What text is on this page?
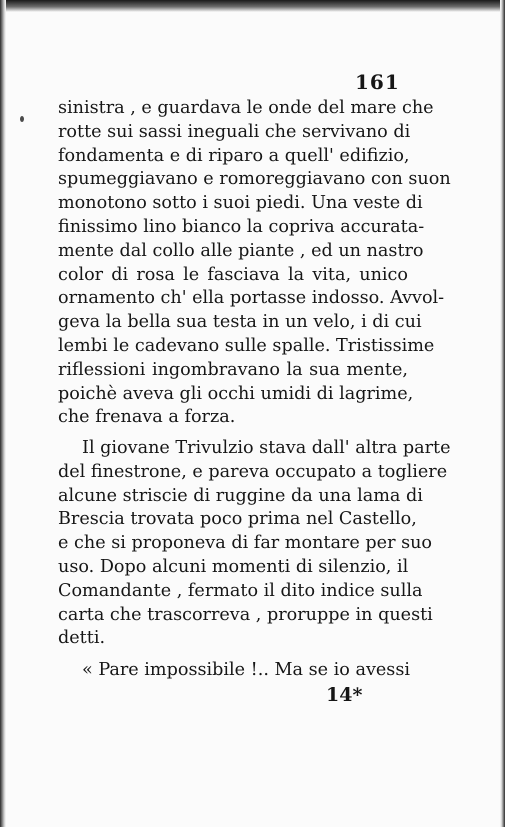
161
sinistra , e guardava le onde del mare che
rotte sui sassi ineguali che servivano di
fondamenta e di riparo a quell' edifizio,
spumeggiavano e romoreggiavano con suon
monotono sotto i suoi piedi. Una veste di
finissimo lino bianco la copriva accurata-
mente dal collo alle piante , ed un nastro
color di rosa le fasciava la vita, unico
ornamento ch' ella portasse indosso. Avvol-
geva la bella sua testa in un velo, i di cui
lembi le cadevano sulle spalle. Tristissime
riflessioni ingombravano la sua mente,
poichè aveva gli occhi umidi di lagrime,
che frenava a forza.
Il giovane Trivulzio stava dall' altra parte
del finestrone, e pareva occupato a togliere
alcune striscie di ruggine da una lama di
Brescia trovata poco prima nel Castello,
e che si proponeva di far montare per suo
uso. Dopo alcuni momenti di silenzio, il
Comandante , fermato il dito indice sulla
carta che trascorreva , proruppe in questi
detti.
« Pare impossibile !.. Ma se io avessi
14*
